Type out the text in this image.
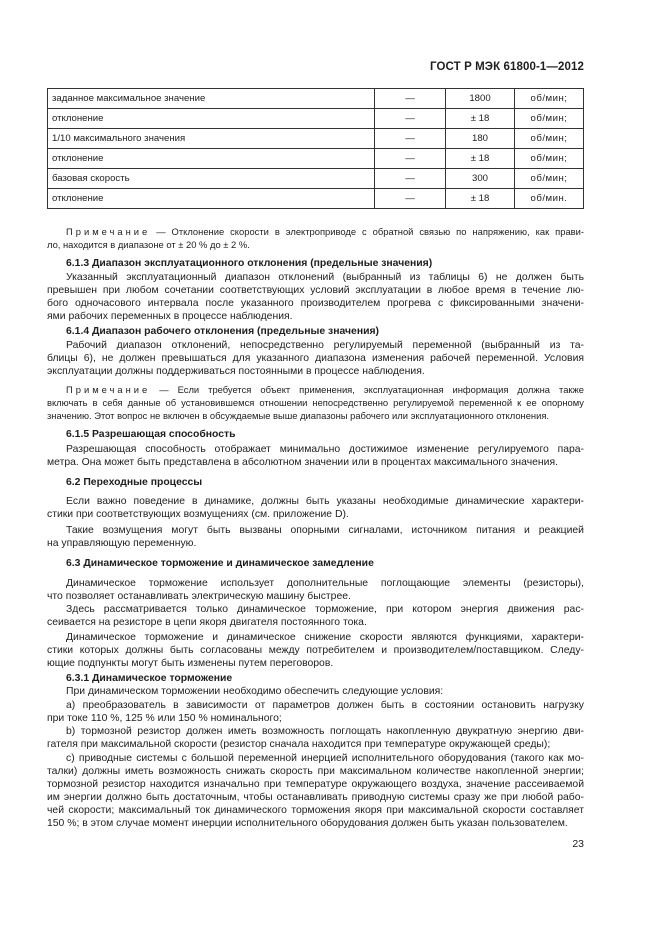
ГОСТ Р МЭК 61800-1—2012
заданное максимальное значение	—	1800	об/мин;
отклонение	—	± 18	об/мин;
1/10 максимального значения	—	180	об/мин;
отклонение	—	± 18	об/мин;
базовая скорость	—	300	об/мин;
отклонение	—	± 18	об/мин.
Примечание — Отклонение скорости в электроприводе с обратной связью по напряжению, как прави-
ло, находится в диапазоне от ± 20 % до ± 2 %.
6.1.3 Диапазон эксплуатационного отклонения (предельные значения)
Указанный эксплуатационный диапазон отклонений (выбранный из таблицы 6) не должен быть
превышен при любом сочетании соответствующих условий эксплуатации в любое время в течение лю-
бого одночасового интервала после указанного производителем прогрева с фиксированными значени-
ями рабочих переменных в процессе наблюдения.
6.1.4 Диапазон рабочего отклонения (предельные значения)
Рабочий диапазон отклонений, непосредственно регулируемый переменной (выбранный из та-
блицы 6), не должен превышаться для указанного диапазона изменения рабочей переменной. Условия
эксплуатации должны поддерживаться постоянными в процессе наблюдения.
Примечание — Если требуется объект применения, эксплуатационная информация должна также
включать в себя данные об установившемся отношении непосредственно регулируемой переменной к ее опорному
значению. Этот вопрос не включен в обсуждаемые выше диапазоны рабочего или эксплуатационного отклонения.
6.1.5 Разрешающая способность
Разрешающая способность отображает минимально достижимое изменение регулируемого пара-
метра. Она может быть представлена в абсолютном значении или в процентах максимального значения.
6.2 Переходные процессы
Если важно поведение в динамике, должны быть указаны необходимые динамические характери-
стики при соответствующих возмущениях (см. приложение D).
Такие возмущения могут быть вызваны опорными сигналами, источником питания и реакцией
на управляющую переменную.
6.3 Динамическое торможение и динамическое замедление
Динамическое торможение использует дополнительные поглощающие элементы (резисторы),
что позволяет останавливать электрическую машину быстрее.
Здесь рассматривается только динамическое торможение, при котором энергия движения рас-
сеивается на резисторе в цепи якоря двигателя постоянного тока.
Динамическое торможение и динамическое снижение скорости являются функциями, характери-
стики которых должны быть согласованы между потребителем и производителем/поставщиком. Следу-
ющие подпункты могут быть изменены путем переговоров.
6.3.1 Динамическое торможение
При динамическом торможении необходимо обеспечить следующие условия:
a) преобразователь в зависимости от параметров должен быть в состоянии остановить нагрузку
при токе 110 %, 125 % или 150 % номинального;
b) тормозной резистор должен иметь возможность поглощать накопленную двукратную энергию дви-
гателя при максимальной скорости (резистор сначала находится при температуре окружающей среды);
c) приводные системы с большой переменной инерцией исполнительного оборудования (такого как мо-
талки) должны иметь возможность снижать скорость при максимальном количестве накопленной энергии;
тормозной резистор находится изначально при температуре окружающего воздуха, значение рассеиваемой
им энергии должно быть достаточным, чтобы останавливать приводную системы сразу же при любой рабо-
чей скорости; максимальный ток динамического торможения якоря при максимальной скорости составляет
150 %; в этом случае момент инерции исполнительного оборудования должен быть указан пользователем.
23
